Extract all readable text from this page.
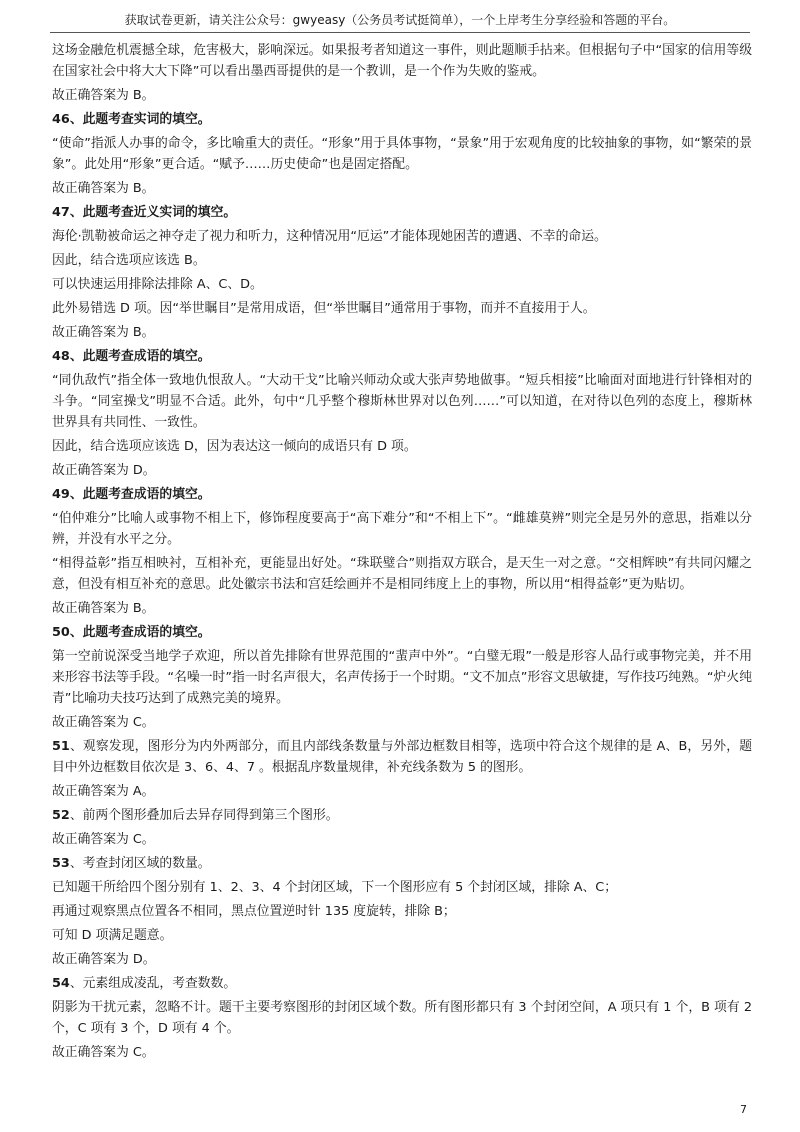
获取试卷更新，请关注公众号：gwyeasy（公务员考试挺简单），一个上岸考生分享经验和答题的平台。

这场金融危机震撼全球，危害极大，影响深远。如果报考者知道这一事件，则此题顺手拈来。但根据句子中“国家的信用等级在国家社会中将大大下降”可以看出墨西哥提供的是一个教训，是一个作为失败的鉴戒。

故正确答案为 B。

46、此题考查实词的填空。

“使命”指派人办事的命令，多比喻重大的责任。“形象”用于具体事物，“景象”用于宏观角度的比较抽象的事物，如“繁荣的景象”。此处用“形象”更合适。“赋予……历史使命”也是固定搭配。

故正确答案为 B。

47、此题考查近义实词的填空。

海伦·凯勒被命运之神夺走了视力和听力，这种情况用“厄运”才能体现她困苦的遭遇、不幸的命运。

因此，结合选项应该选 B。

可以快速运用排除法排除 A、C、D。

此外易错选 D 项。因“举世瞩目”是常用成语，但“举世瞩目”通常用于事物，而并不直接用于人。

故正确答案为 B。

48、此题考查成语的填空。

“同仇敌忾”指全体一致地仇恨敌人。“大动干戈”比喻兴师动众或大张声势地做事。“短兵相接”比喻面对面地进行针锋相对的斗争。“同室操戈”明显不合适。此外，句中“几乎整个穆斯林世界对以色列……”可以知道，在对待以色列的态度上，穆斯林世界具有共同性、一致性。

因此，结合选项应该选 D，因为表达这一倾向的成语只有 D 项。

故正确答案为 D。

49、此题考查成语的填空。

“伯仲难分”比喻人或事物不相上下，修饰程度要高于“高下难分”和“不相上下”。“雌雄莫辨”则完全是另外的意思，指难以分辨，并没有水平之分。

“相得益彰”指互相映衬，互相补充，更能显出好处。“珠联璧合”则指双方联合，是天生一对之意。“交相辉映”有共同闪耀之意，但没有相互补充的意思。此处徽宗书法和宫廷绘画并不是相同纬度上上的事物，所以用“相得益彰”更为贴切。

故正确答案为 B。

50、此题考查成语的填空。

第一空前说深受当地学子欢迎，所以首先排除有世界范围的“蜚声中外”。“白璧无瑕”一般是形容人品行或事物完美，并不用来形容书法等手段。“名噪一时”指一时名声很大，名声传扬于一个时期。“文不加点”形容文思敏捷，写作技巧纯熟。“炉火纯青”比喻功夫技巧达到了成熟完美的境界。

故正确答案为 C。

51、观察发现，图形分为内外两部分，而且内部线条数量与外部边框数目相等，选项中符合这个规律的是 A、B，另外，题目中外边框数目依次是 3、6、4、7 。根据乱序数量规律，补充线条数为 5 的图形。

故正确答案为 A。

52、前两个图形叠加后去异存同得到第三个图形。

故正确答案为 C。

53、考查封闭区域的数量。

已知题干所给四个图分别有 1、2、3、4 个封闭区域，下一个图形应有 5 个封闭区域，排除 A、C；

再通过观察黑点位置各不相同，黑点位置逆时针 135 度旋转，排除 B；

可知 D 项满足题意。

故正确答案为 D。

54、元素组成凌乱，考查数数。

阴影为干扰元素，忽略不计。题干主要考察图形的封闭区域个数。所有图形都只有 3 个封闭空间，A 项只有 1 个，B 项有 2 个，C 项有 3 个，D 项有 4 个。

故正确答案为 C。

7
